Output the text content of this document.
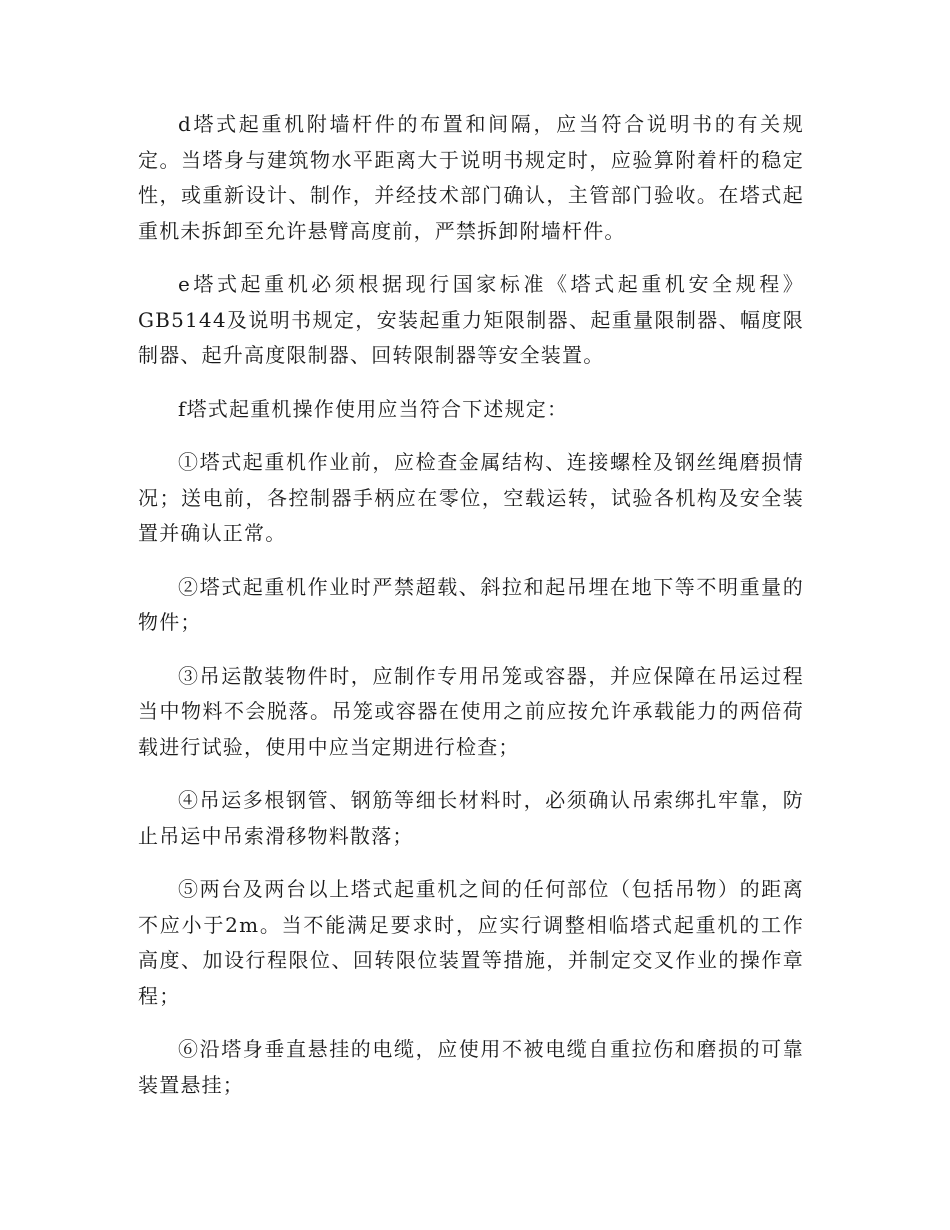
d塔式起重机附墙杆件的布置和间隔，应当符合说明书的有关规定。当塔身与建筑物水平距离大于说明书规定时，应验算附着杆的稳定性，或重新设计、制作，并经技术部门确认，主管部门验收。在塔式起重机未拆卸至允许悬臂高度前，严禁拆卸附墙杆件。

e塔式起重机必须根据现行国家标准《塔式起重机安全规程》GB5144及说明书规定，安装起重力矩限制器、起重量限制器、幅度限制器、起升高度限制器、回转限制器等安全装置。

f塔式起重机操作使用应当符合下述规定：

①塔式起重机作业前，应检查金属结构、连接螺栓及钢丝绳磨损情况；送电前，各控制器手柄应在零位，空载运转，试验各机构及安全装置并确认正常。

②塔式起重机作业时严禁超载、斜拉和起吊埋在地下等不明重量的物件；

③吊运散装物件时，应制作专用吊笼或容器，并应保障在吊运过程当中物料不会脱落。吊笼或容器在使用之前应按允许承载能力的两倍荷载进行试验，使用中应当定期进行检查；

④吊运多根钢管、钢筋等细长材料时，必须确认吊索绑扎牢靠，防止吊运中吊索滑移物料散落；

⑤两台及两台以上塔式起重机之间的任何部位（包括吊物）的距离不应小于2m。当不能满足要求时，应实行调整相临塔式起重机的工作高度、加设行程限位、回转限位装置等措施，并制定交叉作业的操作章程；

⑥沿塔身垂直悬挂的电缆，应使用不被电缆自重拉伤和磨损的可靠装置悬挂；
